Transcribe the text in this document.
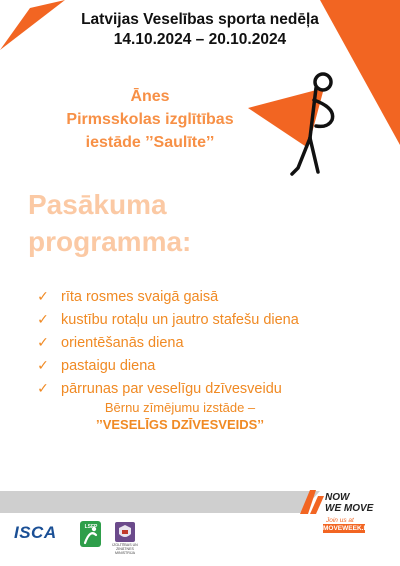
Latvijas Veselības sporta nedēļa
14.10.2024 – 20.10.2024
Ānes
Pirmsskolas izglītības
iestāde ’’Saulīte’’
Pasākuma
programma:
✓ rīta rosmes svaigā gaisā
✓ kustību rotaļu un jautro stafešu diena
✓ orientēšanās diena
✓ pastaigu diena
✓ pārrunas par veselīgu dzīvesveidu
Bērnu zīmējumu izstāde –
’’VESELĪGS DZĪVESVEIDS’’
NOW
WE MOVE
Join us at
MOVEWEEK.EU
ISCA	LSFP
IZGLĪTĪBAS UN ZINĀTNES MINISTRIJA
